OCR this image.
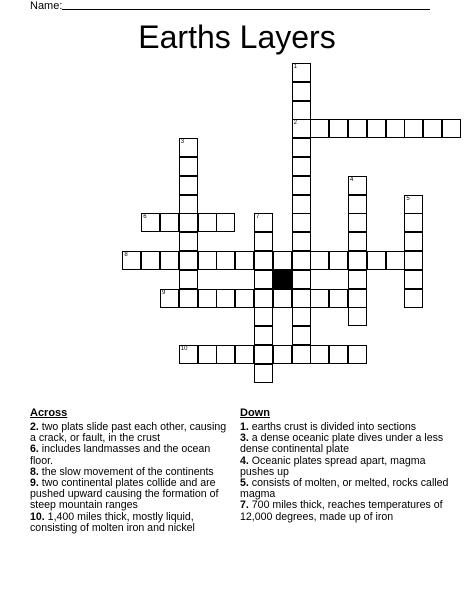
Name:
Earths Layers
2
6
8
9
10
1
3
4
5
7
Across
2. two plats slide past each other, causing a crack, or fault, in the crust
6. includes landmasses and the ocean floor.
8. the slow movement of the continents
9. two continental plates collide and are pushed upward causing the formation of steep mountain ranges
10. 1,400 miles thick, mostly liquid, consisting of molten iron and nickel
Down
1. earths crust is divided into sections
3. a dense oceanic plate dives under a less dense continental plate
4. Oceanic plates spread apart, magma pushes up
5. consists of molten, or melted, rocks called magma
7. 700 miles thick, reaches temperatures of 12,000 degrees, made up of iron
